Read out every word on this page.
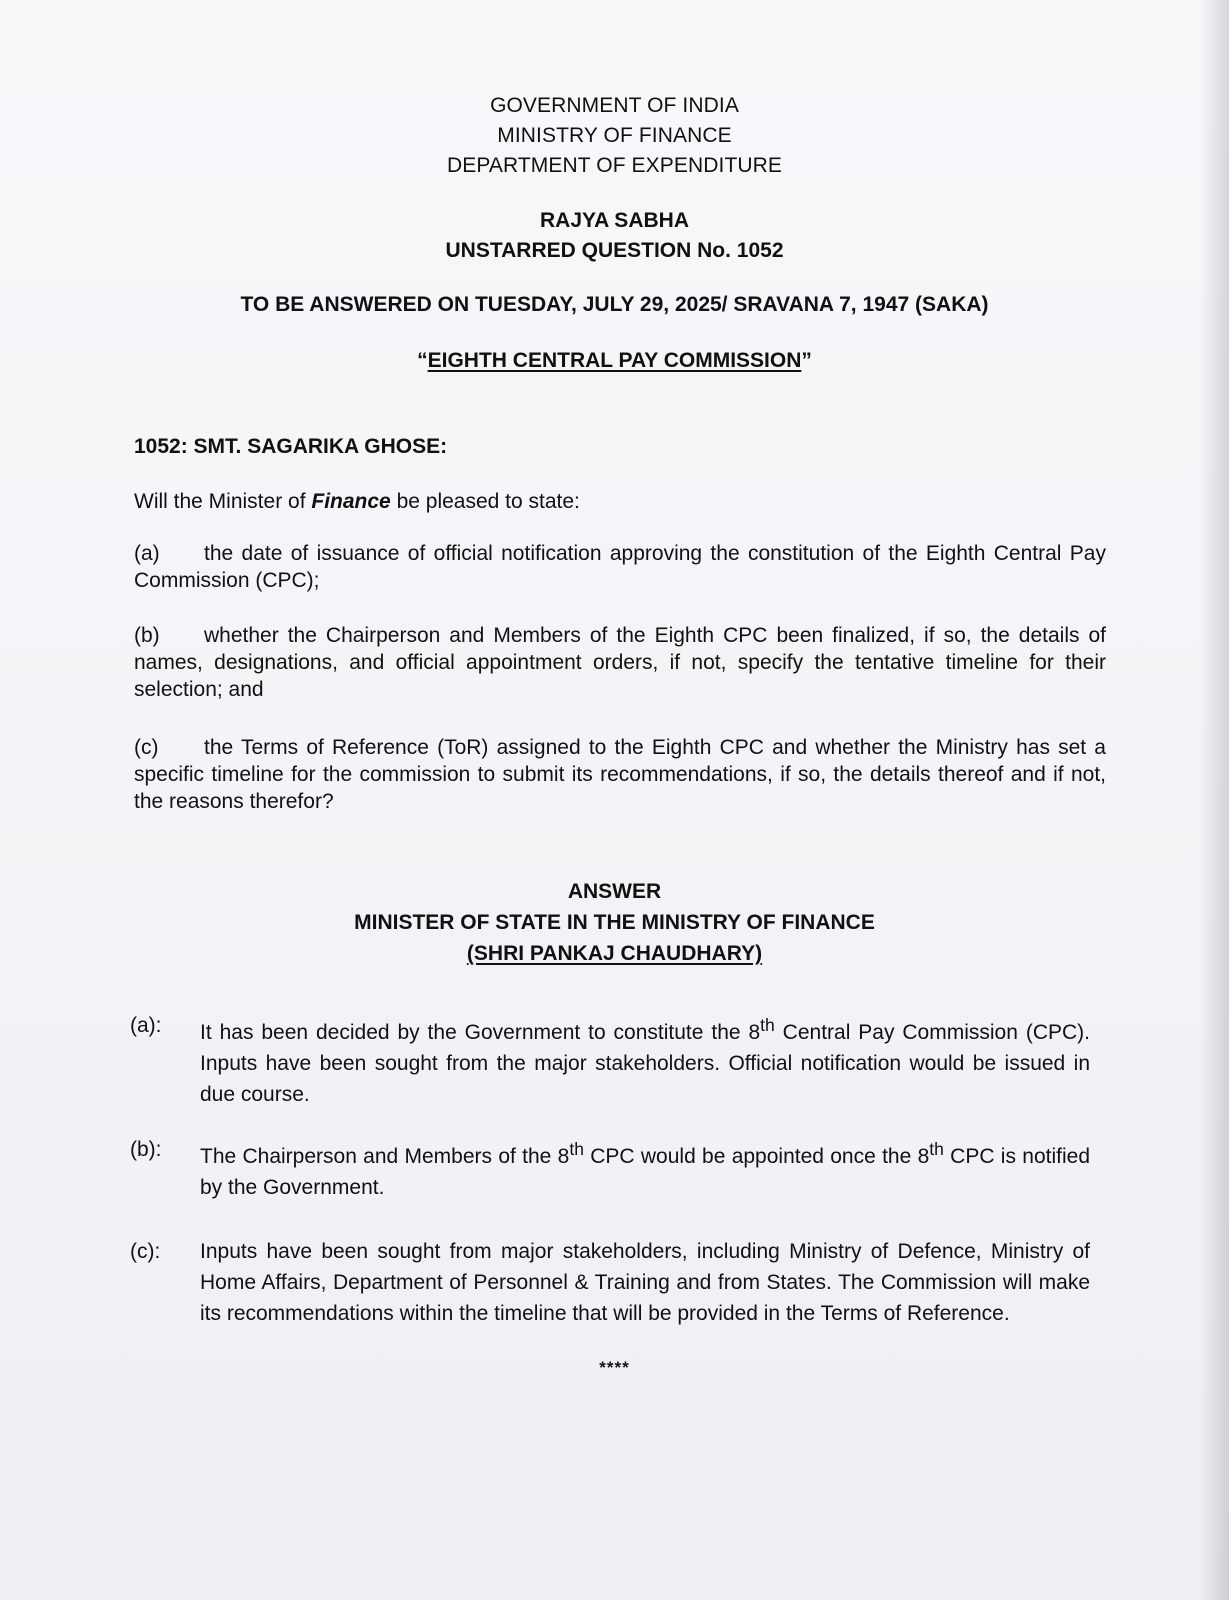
GOVERNMENT OF INDIA
MINISTRY OF FINANCE
DEPARTMENT OF EXPENDITURE
RAJYA SABHA
UNSTARRED QUESTION No. 1052
TO BE ANSWERED ON TUESDAY, JULY 29, 2025/ SRAVANA 7, 1947 (SAKA)
“EIGHTH CENTRAL PAY COMMISSION”
1052: SMT. SAGARIKA GHOSE:
Will the Minister of Finance be pleased to state:
(a) the date of issuance of official notification approving the constitution of the Eighth Central Pay Commission (CPC);
(b) whether the Chairperson and Members of the Eighth CPC been finalized, if so, the details of names, designations, and official appointment orders, if not, specify the tentative timeline for their selection; and
(c) the Terms of Reference (ToR) assigned to the Eighth CPC and whether the Ministry has set a specific timeline for the commission to submit its recommendations, if so, the details thereof and if not, the reasons therefor?
ANSWER
MINISTER OF STATE IN THE MINISTRY OF FINANCE
(SHRI PANKAJ CHAUDHARY)
(a):	It has been decided by the Government to constitute the 8th Central Pay Commission (CPC). Inputs have been sought from the major stakeholders. Official notification would be issued in due course.
(b):	The Chairperson and Members of the 8th CPC would be appointed once the 8th CPC is notified by the Government.
(c):	Inputs have been sought from major stakeholders, including Ministry of Defence, Ministry of Home Affairs, Department of Personnel & Training and from States. The Commission will make its recommendations within the timeline that will be provided in the Terms of Reference.
****
